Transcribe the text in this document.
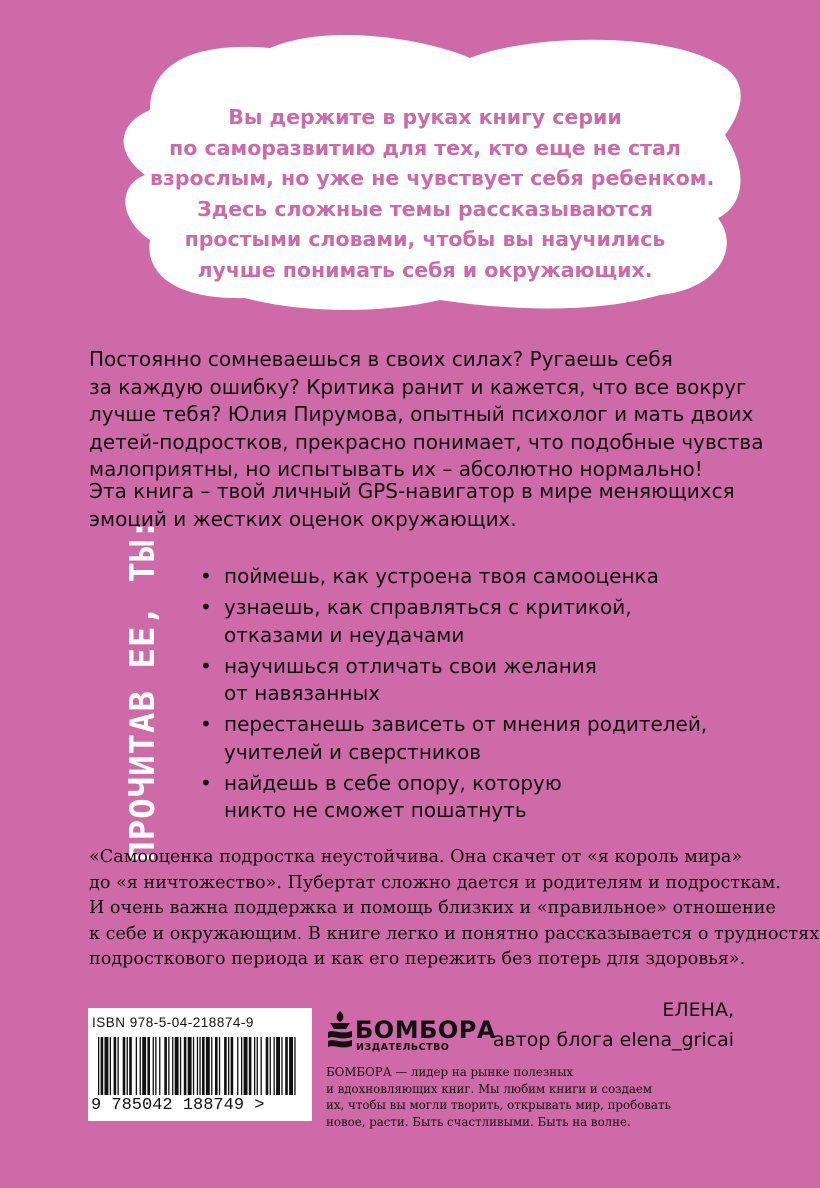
Вы держите в руках книгу серии
по саморазвитию для тех, кто еще не стал
взрослым, но уже не чувствует себя ребенком.
Здесь сложные темы рассказываются
простыми словами, чтобы вы научились
лучше понимать себя и окружающих.
Постоянно сомневаешься в своих силах? Ругаешь себя
за каждую ошибку? Критика ранит и кажется, что все вокруг
лучше тебя? Юлия Пирумова, опытный психолог и мать двоих
детей-подростков, прекрасно понимает, что подобные чувства
малоприятны, но испытывать их – абсолютно нормально!
Эта книга – твой личный GPS-навигатор в мире меняющихся
эмоций и жестких оценок окружающих.
ПРОЧИТАВ ЕЕ, ТЫ: • поймешь, как устроена твоя самооценка
• узнаешь, как справляться с критикой,
отказами и неудачами
• научишься отличать свои желания
от навязанных
• перестанешь зависеть от мнения родителей,
учителей и сверстников
• найдешь в себе опору, которую
никто не сможет пошатнуть
«Самооценка подростка неустойчива. Она скачет от «я король мира»
до «я ничтожество». Пубертат сложно дается и родителям и подросткам.
И очень важна поддержка и помощь близких и «правильное» отношение
к себе и окружающим. В книге легко и понятно рассказывается о трудностях
подросткового периода и как его пережить без потерь для здоровья».
ЕЛЕНА,
автор блога elena_gricai
ISBN 978-5-04-218874-9
9 785042 188749 >
БОМБОРА
ИЗДАТЕЛЬСТВО
БОМБОРА — лидер на рынке полезных
и вдохновляющих книг. Мы любим книги и создаем
их, чтобы вы могли творить, открывать мир, пробовать
новое, расти. Быть счастливыми. Быть на волне.
